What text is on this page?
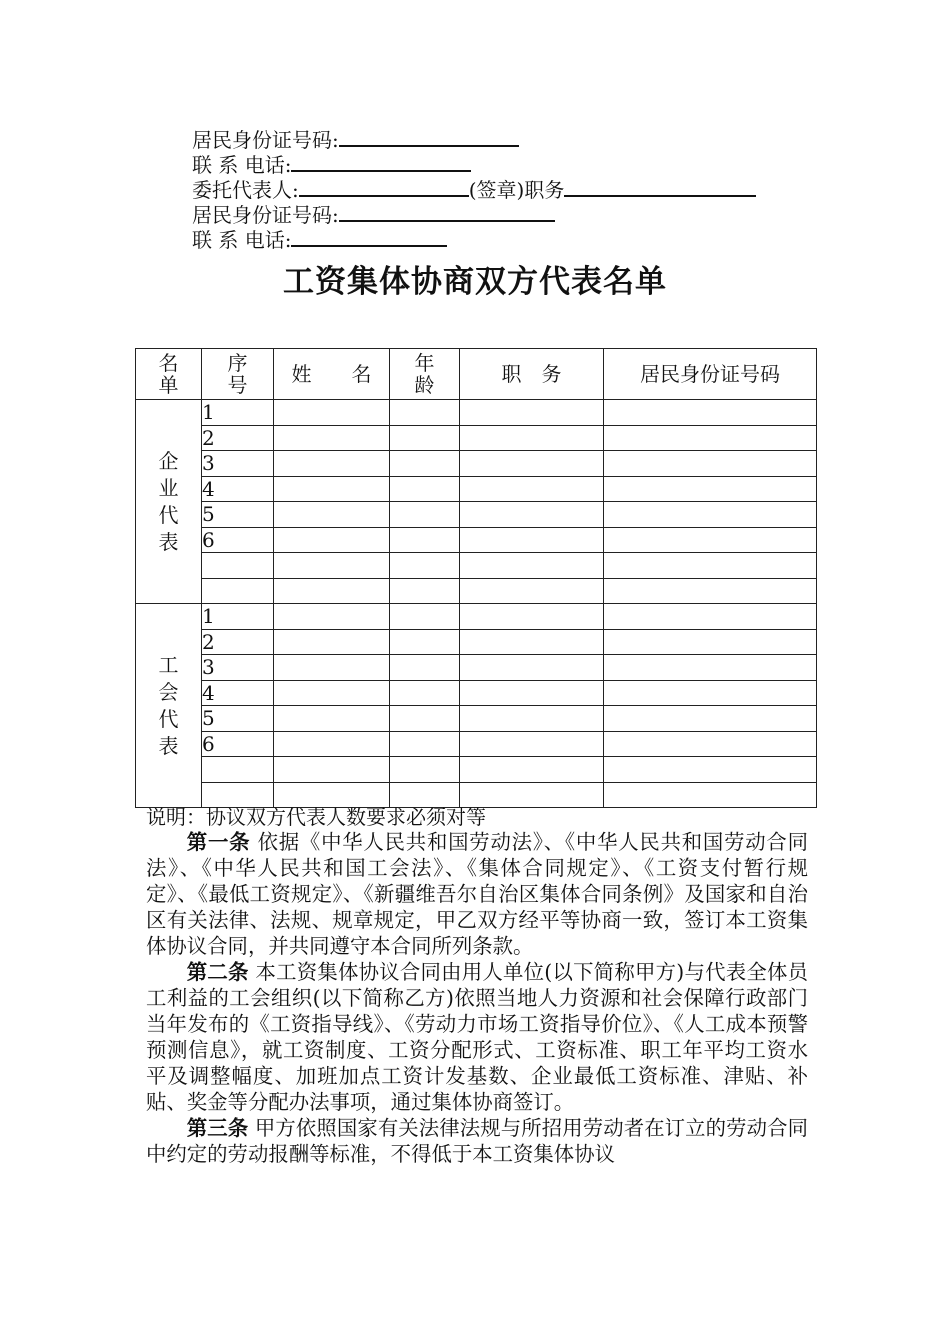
居民身份证号码:
联 系 电话:
委托代表人:	(签章)职务
居民身份证号码:
联 系 电话:
工资集体协商双方代表名单
名单	序号	姓　　名	年龄	职　务	居民身份证号码
企业代表	1				
	2				
	3				
	4				
	5				
	6				

工会代表	1				
	2				
	3				
	4				
	5				
	6				

说明：协议双方代表人数要求必须对等

第一条 依据《中华人民共和国劳动法》、《中华人民共和国劳动合同法》、《中华人民共和国工会法》、《集体合同规定》、《工资支付暂行规定》、《最低工资规定》、《新疆维吾尔自治区集体合同条例》及国家和自治区有关法律、法规、规章规定，甲乙双方经平等协商一致，签订本工资集体协议合同，并共同遵守本合同所列条款。

第二条 本工资集体协议合同由用人单位(以下简称甲方)与代表全体员工利益的工会组织(以下简称乙方)依照当地人力资源和社会保障行政部门当年发布的《工资指导线》、《劳动力市场工资指导价位》、《人工成本预警预测信息》，就工资制度、工资分配形式、工资标准、职工年平均工资水平及调整幅度、加班加点工资计发基数、企业最低工资标准、津贴、补贴、奖金等分配办法事项，通过集体协商签订。

第三条 甲方依照国家有关法律法规与所招用劳动者在订立的劳动合同中约定的劳动报酬等标准，不得低于本工资集体协议
